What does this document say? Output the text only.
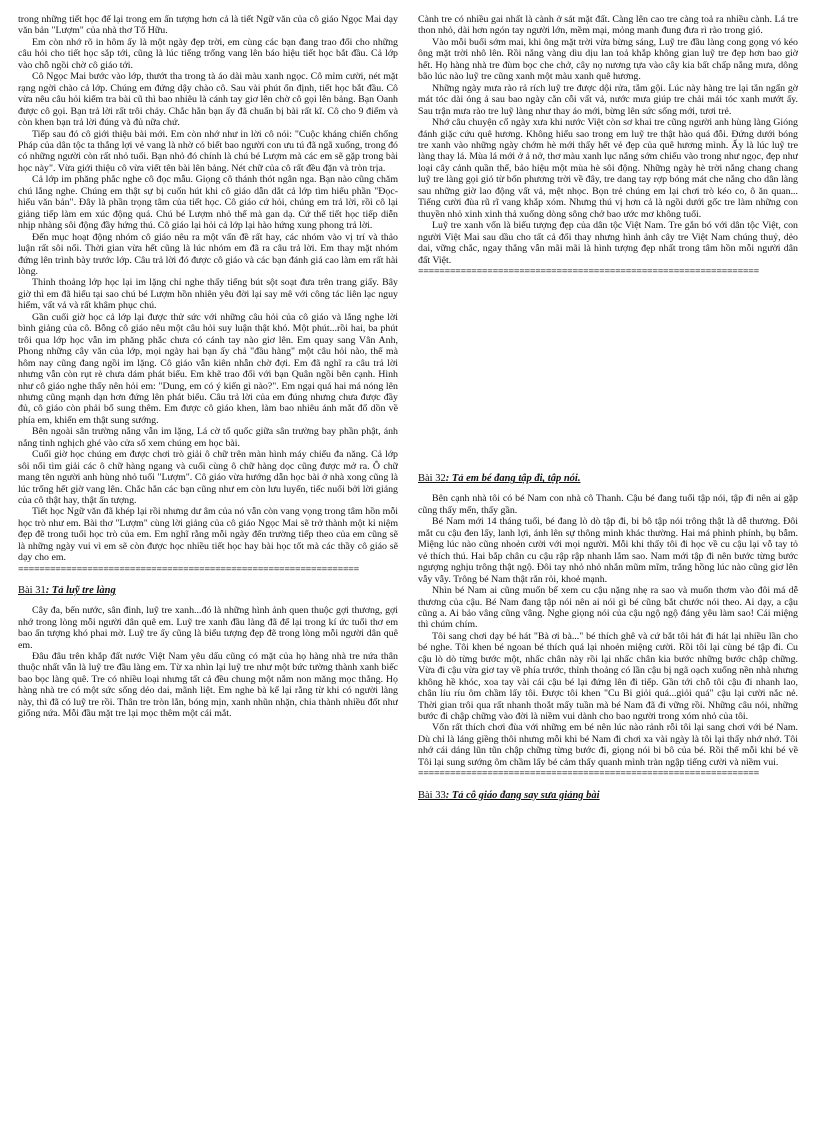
trong những tiết học để lại trong em ấn tượng hơn cả là tiết Ngữ văn của cô giáo Ngọc Mai dạy văn bản "Lượm" của nhà thơ Tố Hữu.

Em còn nhớ rõ in hôm ấy là một ngày đẹp trời, em cùng các bạn đang trao đổi cho những câu hỏi cho tiết học sắp tới, cũng là lúc tiếng trống vang lên báo hiệu tiết học bắt đầu. Cả lớp vào chỗ ngồi chờ cô giáo tới.

Cô Ngọc Mai bước vào lớp, thướt tha trong tà áo dài màu xanh ngọc. Cô mỉm cười, nét mặt rạng ngời chào cả lớp. Chúng em đứng dậy chào cô. Sau vài phút ổn định, tiết học bắt đầu. Cô vừa nêu câu hỏi kiểm tra bài cũ thì bao nhiêu là cánh tay giơ lên chờ cô gọi lên bảng. Bạn Oanh được cô gọi. Bạn trả lời rất trôi chảy. Chắc hẳn bạn ấy đã chuẩn bị bài rất kĩ. Cô cho 9 điểm và còn khen bạn trả lời đúng và đủ nữa chứ.

Tiếp sau đó cô giới thiệu bài mới. Em còn nhớ như in lời cô nói: "Cuộc kháng chiến chống Pháp của dân tộc ta thắng lợi vẻ vang là nhờ có biết bao người con ưu tú đã ngã xuống, trong đó có những người còn rất nhỏ tuổi. Bạn nhỏ đó chính là chú bé Lượm mà các em sẽ gặp trong bài học này". Vừa giới thiệu cô vừa viết tên bài lên bảng. Nét chữ của cô rất đều đặn và tròn trịa.

Cả lớp im phăng phắc nghe cô đọc mẫu. Giọng cô thánh thót ngân nga. Bạn nào cũng chăm chú lắng nghe. Chúng em thật sự bị cuốn hút khi cô giáo dẫn dắt cả lớp tìm hiểu phần "Đọc- hiểu văn bản". Đây là phần trọng tâm của tiết học. Cô giáo cứ hỏi, chúng em trả lời, rồi cô lại giảng tiếp làm em xúc động quá. Chú bé Lượm nhỏ thế mà gan dạ. Cứ thế tiết học tiếp diễn nhịp nhàng sôi động đầy hứng thú. Cô giáo lại hỏi cả lớp lại hào hứng xung phong trả lời.

Đến mục hoạt động nhóm cô giáo nêu ra một vấn đề rất hay, các nhóm vào vị trí và thảo luận rất sôi nổi. Thời gian vừa hết cũng là lúc nhóm em đã ra câu trả lời. Em thay mặt nhóm đứng lên trình bày trước lớp. Câu trả lời đó được cô giáo và các bạn đánh giá cao làm em rất hài lòng.

Thỉnh thoảng lớp học lại im lặng chỉ nghe thấy tiếng bút sột soạt đưa trên trang giấy. Bây giờ thì em đã hiểu tại sao chú bé Lượm hồn nhiên yêu đời lại say mê với công tác liên lạc nguy hiểm, vất vả và rất khâm phục chú.

Gần cuối giờ học cả lớp lại được thử sức với những câu hỏi của cô giáo và lắng nghe lời bình giảng của cô. Bỗng cô giáo nêu một câu hỏi suy luận thật khó. Một phút...rồi hai, ba phút trôi qua lớp học vẫn im phăng phắc chưa có cánh tay nào giơ lên. Em quay sang Vân Anh, Phong những cây văn của lớp, mọi ngày hai bạn ấy chả "đầu hàng" một câu hỏi nào, thế mà hôm nay cũng đang ngồi im lặng. Cô giáo vẫn kiên nhẫn chờ đợi. Em đã nghĩ ra câu trả lời nhưng vẫn còn rụt rè chưa dám phát biểu. Em khẽ trao đổi với bạn Quân ngồi bên cạnh. Hình như cô giáo nghe thấy nên hỏi em: "Dung, em có ý kiến gì nào?". Em ngại quá hai má nóng lên nhưng cũng mạnh dạn hơn đứng lên phát biểu. Câu trả lời của em đúng nhưng chưa được đầy đủ, cô giáo còn phải bổ sung thêm. Em được cô giáo khen, làm bao nhiêu ánh mắt đổ dồn về phía em, khiến em thật sung sướng.

Bên ngoài sân trường nắng vẫn im lặng, Lá cờ tổ quốc giữa sân trường bay phần phật, ánh nắng tinh nghịch ghé vào cửa sổ xem chúng em học bài.

Cuối giờ học chúng em được chơi trò giải ô chữ trên màn hình máy chiếu đa năng. Cả lớp sôi nổi tìm giải các ô chữ hàng ngang và cuối cùng ô chữ hàng dọc cũng được mở ra. Ô chữ mang tên người anh hùng nhỏ tuổi "Lượm". Cô giáo vừa hướng dẫn học bài ở nhà xong cũng là lúc trống hết giờ vang lên. Chắc hẳn các bạn cũng như em còn lưu luyến, tiếc nuối bởi lời giảng của cô thật hay, thật ấn tượng.

Tiết học Ngữ văn đã khép lại rồi nhưng dư âm của nó vẫn còn vang vọng trong tâm hồn mỗi học trò như em. Bài thơ "Lượm" cùng lời giảng của cô giáo Ngọc Mai sẽ trở thành một kỉ niệm đẹp đẽ trong tuổi học trò của em. Em nghĩ rằng mỗi ngày đến trường tiếp theo của em cũng sẽ là những ngày vui vì em sẽ còn được học nhiều tiết học hay bài học tốt mà các thầy cô giáo sẽ dạy cho em.

================================================================
Bài 31: Tả luỹ tre làng

Cây đa, bến nước, sân đình, luỹ tre xanh...đó là những hình ảnh quen thuộc gợi thương, gợi nhớ trong lòng mỗi người dân quê em. Luỹ tre xanh đầu làng đã để lại trong kí ức tuổi thơ em bao ấn tượng khó phai mờ. Luỹ tre ấy cũng là biểu tượng đẹp đẽ trong lòng mỗi người dân quê em.

Đâu đâu trên khắp đất nước Việt Nam yêu dấu cũng có mặt của họ hàng nhà tre nứa thân thuộc nhất vẫn là luỹ tre đầu làng em. Từ xa nhìn lại luỹ tre như một bức tường thành xanh biếc bao bọc làng quê. Tre có nhiều loại nhưng tất cả đều chung một nắm non măng mọc thẳng. Họ hàng nhà tre có một sức sống dẻo dai, mãnh liệt. Em nghe bà kể lại rằng từ khi có người làng này, thì đã có luỹ tre rồi. Thân tre tròn lẳn, bóng mịn, xanh nhũn nhặn, chia thành nhiều đốt như giống nứa. Mỗi đầu mặt tre lại mọc thêm một cái mắt.

Cành tre có nhiều gai nhất là cành ở sát mặt đất. Càng lên cao tre càng toả ra nhiều cành. Lá tre thon nhỏ, dài hơn ngón tay người lớn, mềm mại, mỏng manh đung đưa rì rào trong gió.

Vào mỗi buổi sớm mai, khi ông mặt trời vừa bừng sáng, Luỹ tre đầu làng cong gọng vó kéo ông mặt trời nhô lên. Rồi nắng vàng dìu dịu lan toả khắp không gian luỹ tre đẹp hơn bao giờ hết. Họ hàng nhà tre đùm bọc che chở, cây nọ nương tựa vào cây kia bất chấp nắng mưa, dông bão lúc nào luỹ tre cũng xanh một màu xanh quê hương.

Những ngày mưa rào rả rích luỹ tre được dội rửa, tắm gội. Lúc này hàng tre lại tắn ngẩn gờ mát tóc dài óng ả sau bao ngày cằn cỗi vất vả, nước mưa giúp tre chải mái tóc xanh mướt ấy. Sau trận mưa rào tre luỹ làng như thay áo mới, bừng lên sức sống mới, tươi trẻ.

Nhớ câu chuyện cổ ngày xưa khi nước Việt còn sơ khai tre cũng người anh hùng làng Gióng đánh giặc cứu quê hương. Không hiểu sao trong em luỹ tre thật hào quá đỗi. Đứng dưới bóng tre xanh vào những ngày chớm hè mới thấy hết vẻ đẹp của quê hương mình. Ấy là lúc luỹ tre làng thay lá. Mùa lá mới ở ả nở, thơ màu xanh lục nắng sớm chiếu vào trong như ngọc, đẹp như loại cây cảnh quần thể, bảo hiệu một mùa hè sôi động. Những ngày hè trời nắng chang chang luỹ tre làng gọi gió từ bốn phương trời về đây, tre dang tay rợp bóng mát che nắng cho dân làng sau những giờ lao động vất vả, mệt nhọc. Bọn trẻ chúng em lại chơi trò kéo co, ô ăn quan... Tiếng cười đùa rũ rĩ vang khắp xóm. Nhưng thú vị hơn cả là ngồi dưới gốc tre làm những con thuyền nhỏ xinh xinh thả xuống dòng sông chở bao ước mơ không tuổi.

Luỹ tre xanh vốn là biểu tượng đẹp của dân tộc Việt Nam. Tre gắn bó với dân tộc Việt, con người Việt Mai sau dầu cho tất cả đổi thay nhưng hình ảnh cây tre Việt Nam chúng thuỷ, dẻo dai, vững chắc, ngay thẳng vẫn mãi mãi là hình tượng đẹp nhất trong tâm hồn mỗi người dân đất Việt.

================================================================
Bài 32: Tả em bé đang tập đi, tập nói.

Bên cạnh nhà tôi có bé Nam con nhà cô Thanh. Cậu bé đang tuổi tập nói, tập đi nên ai gặp cũng thấy mến, thấy gần.

Bé Nam mới 14 tháng tuổi, bé đang lò dò tập đi, bi bô tập nói trông thật là dễ thương. Đôi mắt cu cậu đen lấy, lanh lợi, ánh lên sự thông minh khác thường. Hai má phinh phính, bụ bẫm. Miệng lúc nào cũng nhoẻn cười với mọi người. Mỗi khi thấy tôi đi học về cu cậu lại vỗ tay tỏ vẻ thích thú. Hai bắp chân cu cậu rập rập nhanh lắm sao. Nam mới tập đi nên bước từng bước ngượng nghịu trông thật ngộ. Đôi tay nhỏ nhỏ nhắn mũm mĩm, trắng hồng lúc nào cũng giơ lên vẫy vẫy. Trông bé Nam thật rắn rỏi, khoẻ mạnh.

Nhìn bé Nam ai cũng muốn bế xem cu cậu nặng nhẹ ra sao và muốn thơm vào đôi má dễ thương của cậu. Bé Nam đang tập nói nên ai nói gì bé cũng bắt chước nói theo. Ai dạy, a cậu cũng a. Ai bảo vâng cũng vâng. Nghe giọng nói của cậu ngộ ngộ đáng yêu làm sao! Cái miệng thì chúm chím.

Tôi sang chơi dạy bé hát "Bà ơi bà..." bé thích ghê và cứ bắt tôi hát đi hát lại nhiều lần cho bé nghe. Tôi khen bé ngoan bé thích quá lại nhoẻn miệng cười. Rồi tôi lại cùng bé tập đi. Cu cậu lò dò từng bước một, nhấc chân này rồi lại nhấc chân kia bước những bước chập chững. Vừa đi cậu vừa giơ tay về phía trước, thỉnh thoảng có lần cậu bị ngã oạch xuống nền nhà nhưng không hề khóc, xoa tay vài cái cậu bé lại đứng lên đi tiếp. Gần tới chỗ tôi cậu đi nhanh lao, chân líu ríu ôm chầm lấy tôi. Được tôi khen "Cu Bi giỏi quá...giỏi quá" cậu lại cười nắc nẻ. Thời gian trôi qua rất nhanh thoắt mấy tuần mà bé Nam đã đi vững rồi. Những câu nói, những bước đi chập chững vào đời là niềm vui dành cho bao người trong xóm nhỏ của tôi.

Vốn rất thích chơi đùa với những em bé nên lúc nào rảnh rỗi tôi lại sang chơi với bé Nam. Dù chỉ là láng giềng thôi nhưng mỗi khi bé Nam đi chơi xa vài ngày là tôi lại thấy nhớ nhớ. Tôi nhớ cái dáng lũn tũn chập chững từng bước đi, giọng nói bi bô của bé. Rồi thế mỗi khi bé về Tôi lại sung sướng ôm chầm lấy bé cảm thấy quanh mình tràn ngập tiếng cười và niềm vui.

================================================================
Bài 33: Tả cô giáo đang say sưa giảng bài
